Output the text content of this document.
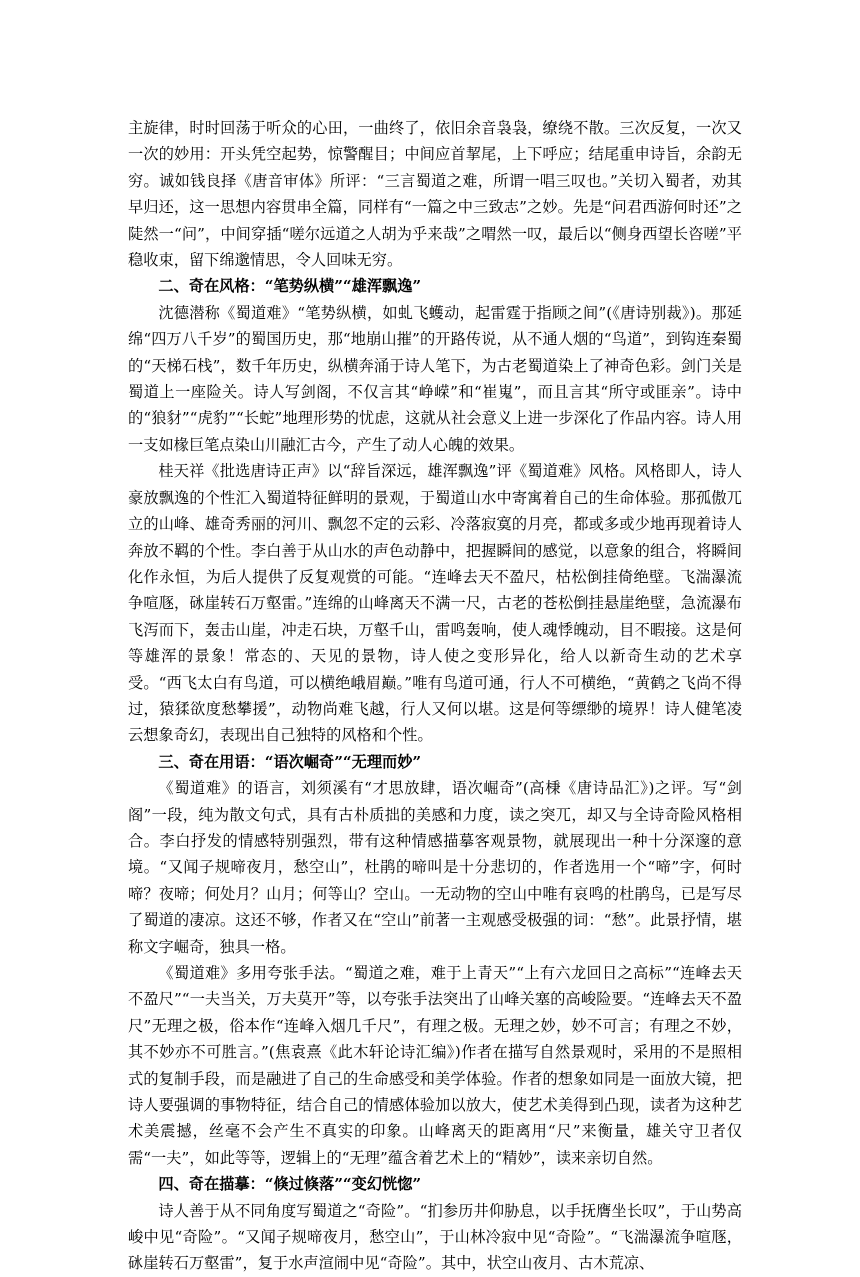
主旋律，时时回荡于听众的心田，一曲终了，依旧余音袅袅，缭绕不散。三次反复，一次又一次的妙用：开头凭空起势，惊警醒目；中间应首挈尾，上下呼应；结尾重申诗旨，余韵无穷。诚如钱良择《唐音审体》所评：“三言蜀道之难，所谓一唱三叹也。”关切入蜀者，劝其早归还，这一思想内容贯串全篇，同样有“一篇之中三致志”之妙。先是“问君西游何时还”之陡然一“问”，中间穿插“嗟尔远道之人胡为乎来哉”之喟然一叹，最后以“侧身西望长咨嗟”平稳收束，留下绵邈情思，令人回味无穷。

二、奇在风格：“笔势纵横”“雄浑飘逸”

沈德潜称《蜀道难》“笔势纵横，如虬飞蠖动，起雷霆于指顾之间”(《唐诗别裁》)。那延绵“四万八千岁”的蜀国历史，那“地崩山摧”的开路传说，从不通人烟的“鸟道”，到钩连秦蜀的“天梯石栈”，数千年历史，纵横奔涌于诗人笔下，为古老蜀道染上了神奇色彩。剑门关是蜀道上一座险关。诗人写剑阁，不仅言其“峥嵘”和“崔嵬”，而且言其“所守或匪亲”。诗中的“狼豺”“虎豹”“长蛇”地理形势的忧虑，这就从社会意义上进一步深化了作品内容。诗人用一支如椽巨笔点染山川融汇古今，产生了动人心魄的效果。

桂天祥《批选唐诗正声》以“辞旨深远，雄浑飘逸”评《蜀道难》风格。风格即人，诗人豪放飘逸的个性汇入蜀道特征鲜明的景观，于蜀道山水中寄寓着自己的生命体验。那孤傲兀立的山峰、雄奇秀丽的河川、飘忽不定的云彩、冷落寂寞的月亮，都或多或少地再现着诗人奔放不羁的个性。李白善于从山水的声色动静中，把握瞬间的感觉，以意象的组合，将瞬间化作永恒，为后人提供了反复观赏的可能。“连峰去天不盈尺，枯松倒挂倚绝壁。飞湍瀑流争喧豗，砯崖转石万壑雷。”连绵的山峰离天不满一尺，古老的苍松倒挂悬崖绝壁，急流瀑布飞泻而下，轰击山崖，冲走石块，万壑千山，雷鸣轰响，使人魂悸魄动，目不暇接。这是何等雄浑的景象！常态的、天见的景物，诗人使之变形异化，给人以新奇生动的艺术享受。“西飞太白有鸟道，可以横绝峨眉巅。”唯有鸟道可通，行人不可横绝，“黄鹤之飞尚不得过，猿猱欲度愁攀援”，动物尚难飞越，行人又何以堪。这是何等缥缈的境界！诗人健笔凌云想象奇幻，表现出自己独特的风格和个性。

三、奇在用语：“语次崛奇”“无理而妙”

《蜀道难》的语言，刘须溪有“才思放肆，语次崛奇”(高棅《唐诗品汇》)之评。写“剑阁”一段，纯为散文句式，具有古朴质拙的美感和力度，读之突兀，却又与全诗奇险风格相合。李白抒发的情感特别强烈，带有这种情感描摹客观景物，就展现出一种十分深邃的意境。“又闻子规啼夜月，愁空山”，杜鹃的啼叫是十分悲切的，作者选用一个“啼”字，何时啼？夜啼；何处月？山月；何等山？空山。一无动物的空山中唯有哀鸣的杜鹃鸟，已是写尽了蜀道的凄凉。这还不够，作者又在“空山”前著一主观感受极强的词：“愁”。此景抒情，堪称文字崛奇，独具一格。

《蜀道难》多用夸张手法。“蜀道之难，难于上青天”“上有六龙回日之高标”“连峰去天不盈尺”“一夫当关，万夫莫开”等，以夸张手法突出了山峰关塞的高峻险要。“连峰去天不盈尺”无理之极，俗本作“连峰入烟几千尺”，有理之极。无理之妙，妙不可言；有理之不妙，其不妙亦不可胜言。”(焦袁熹《此木轩论诗汇编》)作者在描写自然景观时，采用的不是照相式的复制手段，而是融进了自己的生命感受和美学体验。作者的想象如同是一面放大镜，把诗人要强调的事物特征，结合自己的情感体验加以放大，使艺术美得到凸现，读者为这种艺术美震撼，丝毫不会产生不真实的印象。山峰离天的距离用“尺”来衡量，雄关守卫者仅需“一夫”，如此等等，逻辑上的“无理”蕴含着艺术上的“精妙”，读来亲切自然。

四、奇在描摹：“倏过倏落”“变幻恍惚”

诗人善于从不同角度写蜀道之“奇险”。“扪参历井仰胁息，以手抚膺坐长叹”，于山势高峻中见“奇险”。“又闻子规啼夜月，愁空山”，于山林冷寂中见“奇险”。“飞湍瀑流争喧豗，砯崖转石万壑雷”，复于水声渲闹中见“奇险”。其中，状空山夜月、古木荒凉、
